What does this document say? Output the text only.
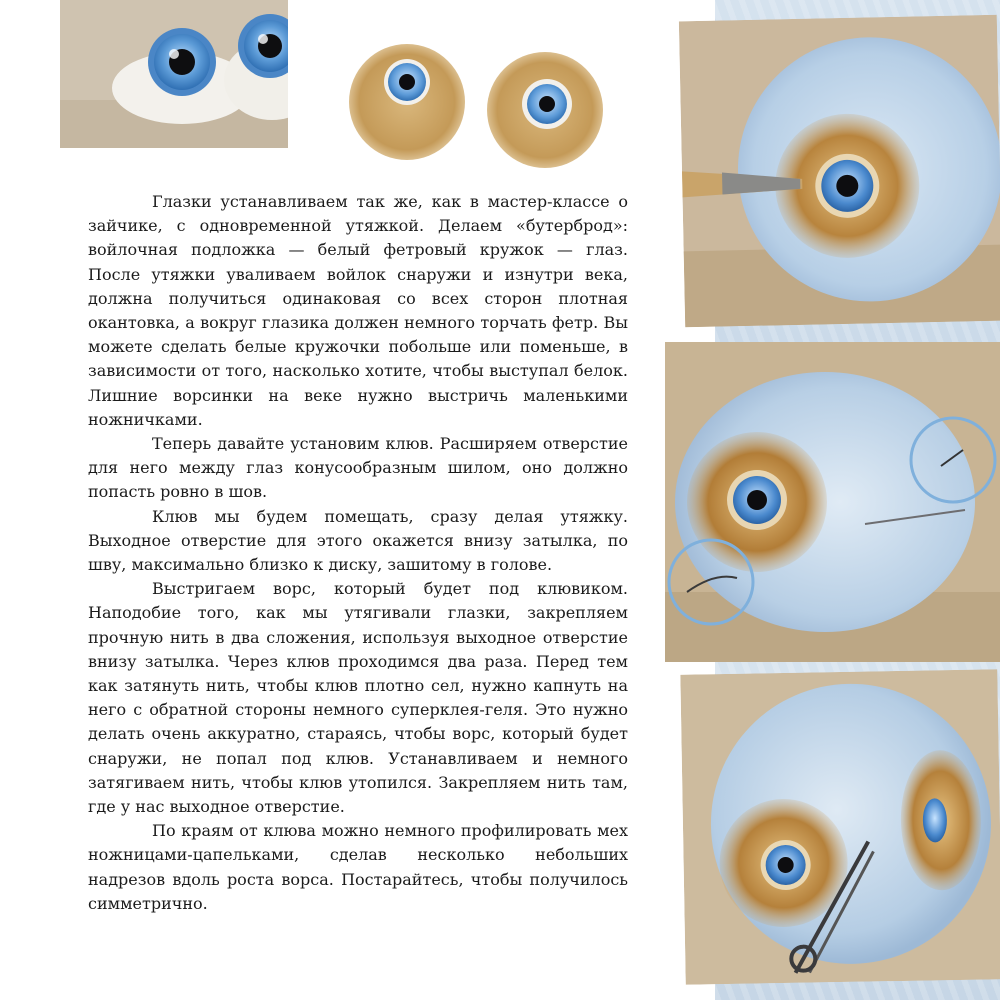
Глазки устанавливаем так же, как в мастер-классе о зайчике, с одновременной утяжкой. Делаем «бутерброд»: войлочная подложка — белый фетровый кружок — глаз. После утяжки уваливаем войлок снаружи и изнутри века, должна получиться одинаковая со всех сторон плотная окантовка, а вокруг глазика должен немного торчать фетр. Вы можете сделать белые кружочки побольше или поменьше, в зависимости от того, насколько хотите, чтобы выступал белок. Лишние ворсинки на веке нужно выстричь маленькими ножничками.

Теперь давайте установим клюв. Расширяем отверстие для него между глаз конусообразным шилом, оно должно попасть ровно в шов.

Клюв мы будем помещать, сразу делая утяжку. Выходное отверстие для этого окажется внизу затылка, по шву, максимально близко к диску, зашитому в голове.

Выстригаем ворс, который будет под клювиком. Наподобие того, как мы утягивали глазки, закрепляем прочную нить в два сложения, используя выходное отверстие внизу затылка. Через клюв проходимся два раза. Перед тем как затянуть нить, чтобы клюв плотно сел, нужно капнуть на него с обратной стороны немного суперклея-геля. Это нужно делать очень аккуратно, стараясь, чтобы ворс, который будет снаружи, не попал под клюв. Устанавливаем и немного затягиваем нить, чтобы клюв утопился. Закрепляем нить там, где у нас выходное отверстие.

По краям от клюва можно немного профилировать мех ножницами-цапельками, сделав несколько небольших надрезов вдоль роста ворса. Постарайтесь, чтобы получилось симметрично.
